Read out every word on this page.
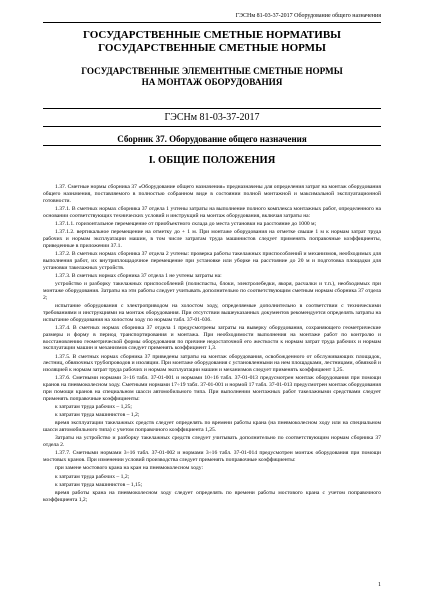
ГЭСНм 81-03-37-2017 Оборудование общего назначения
ГОСУДАРСТВЕННЫЕ СМЕТНЫЕ НОРМАТИВЫ
ГОСУДАРСТВЕННЫЕ СМЕТНЫЕ НОРМЫ
ГОСУДАРСТВЕННЫЕ ЭЛЕМЕНТНЫЕ СМЕТНЫЕ НОРМЫ
НА МОНТАЖ ОБОРУДОВАНИЯ
ГЭСНм 81-03-37-2017
Сборник 37. Оборудование общего назначения
I. ОБЩИЕ ПОЛОЖЕНИЯ

1.37. Сметные нормы сборника 37 «Оборудование общего назначения» предназначены для определения затрат на монтаж оборудования общего назначения, поставляемого в полностью собранном виде в состоянии полной монтажной и максимальной эксплуатационной готовности.

1.37.1. В сметных нормах сборника 37 отдела 1 учтены затраты на выполнение полного комплекса монтажных работ, определенного на основании соответствующих технических условий и инструкций на монтаж оборудования, включая затраты на:

1.37.1.1. горизонтальное перемещение от приобъектного склада до места установки на расстояние до 1000 м;

1.37.1.2. вертикальное перемещение на отметку до + 1 м. При монтаже оборудования на отметке свыше 1 м к нормам затрат труда рабочих и нормам эксплуатации машин, в том числе затратам труда машинистов следует применять поправочные коэффициенты, приведенные в приложении 37.1.

1.37.2. В сметных нормах сборника 37 отдела 2 учтены: проверка работы такелажных приспособлений и механизмов, необходимых для выполнения работ, их внутриплощадочное перемещение при установке или уборке на расстояние до 20 м и подготовка площадки для установки такелажных устройств.

1.37.3. В сметных нормах сборника 37 отдела 1 не учтены затраты на:

устройство и разборку такелажных приспособлений (полиспасты, блоки, электролебедки, якоря, расчалки и т.п.), необходимых при монтаже оборудования. Затраты на эти работы следует учитывать дополнительно по соответствующим сметным нормам сборника 37 отдела 2;

испытание оборудования с электроприводом на холостом ходу, определяемые дополнительно в соответствии с техническими требованиями и инструкциями на монтаж оборудования. При отсутствии вышеуказанных документов рекомендуется определять затраты на испытание оборудования на холостом ходу по нормам табл. 37-01-036.

1.37.4. В сметных нормах сборника 37 отдела 1 предусмотрены затраты на выверку оборудования, сохраняющего геометрические размеры и форму в период транспортирования и монтажа. При необходимости выполнения на монтаже работ по контролю и восстановлению геометрической формы оборудования по причине недостаточной его жесткости к нормам затрат труда рабочих и нормам эксплуатации машин и механизмов следует применять коэффициент 1,3.

1.37.5. В сметных нормах сборника 37 приведены затраты на монтаж оборудования, освобожденного от обслуживающих площадок, лестниц, обвязочных трубопроводов и изоляции. При монтаже оборудования с установленными на нем площадками, лестницами, обвязкой и изоляцией к нормам затрат труда рабочих и нормам эксплуатации машин и механизмов следует применять коэффициент 1,25.

1.37.6. Сметными нормами 3÷16 табл. 37-01-001 и нормами 10÷16 табл. 37-01-013 предусмотрен монтаж оборудования при помощи кранов на пневмоколесном ходу. Сметными нормами 17÷19 табл. 37-01-001 и нормой 17 табл. 37-01-013 предусмотрен монтаж оборудования при помощи кранов на специальном шасси автомобильного типа. При выполнении монтажных работ такелажными средствами следует применять поправочные коэффициенты:

к затратам труда рабочих – 1,25;

к затратам труда машинистов – 1,2;

время эксплуатации такелажных средств следует определять по времени работы крана (на пневмоколесном ходу или на специальном шасси автомобильного типа) с учетом поправочного коэффициента 1,25.

Затраты на устройство и разборку такелажных средств следует учитывать дополнительно по соответствующим нормам сборника 37 отдела 2.

1.37.7. Сметными нормами 3÷16 табл. 37-01-002 и нормами 3÷16 табл. 37-01-014 предусмотрен монтаж оборудования при помощи мостовых кранов. При изменении условий производства следует применять поправочные коэффициенты:

при замене мостового крана на кран на пневмоколесном ходу:

к затратам труда рабочих – 1,2;

к затратам труда машинистов – 1,15;

время работы крана на пневмоколесном ходу следует определять по времени работы мостового крана с учетом поправочного коэффициента 1,2;

1
